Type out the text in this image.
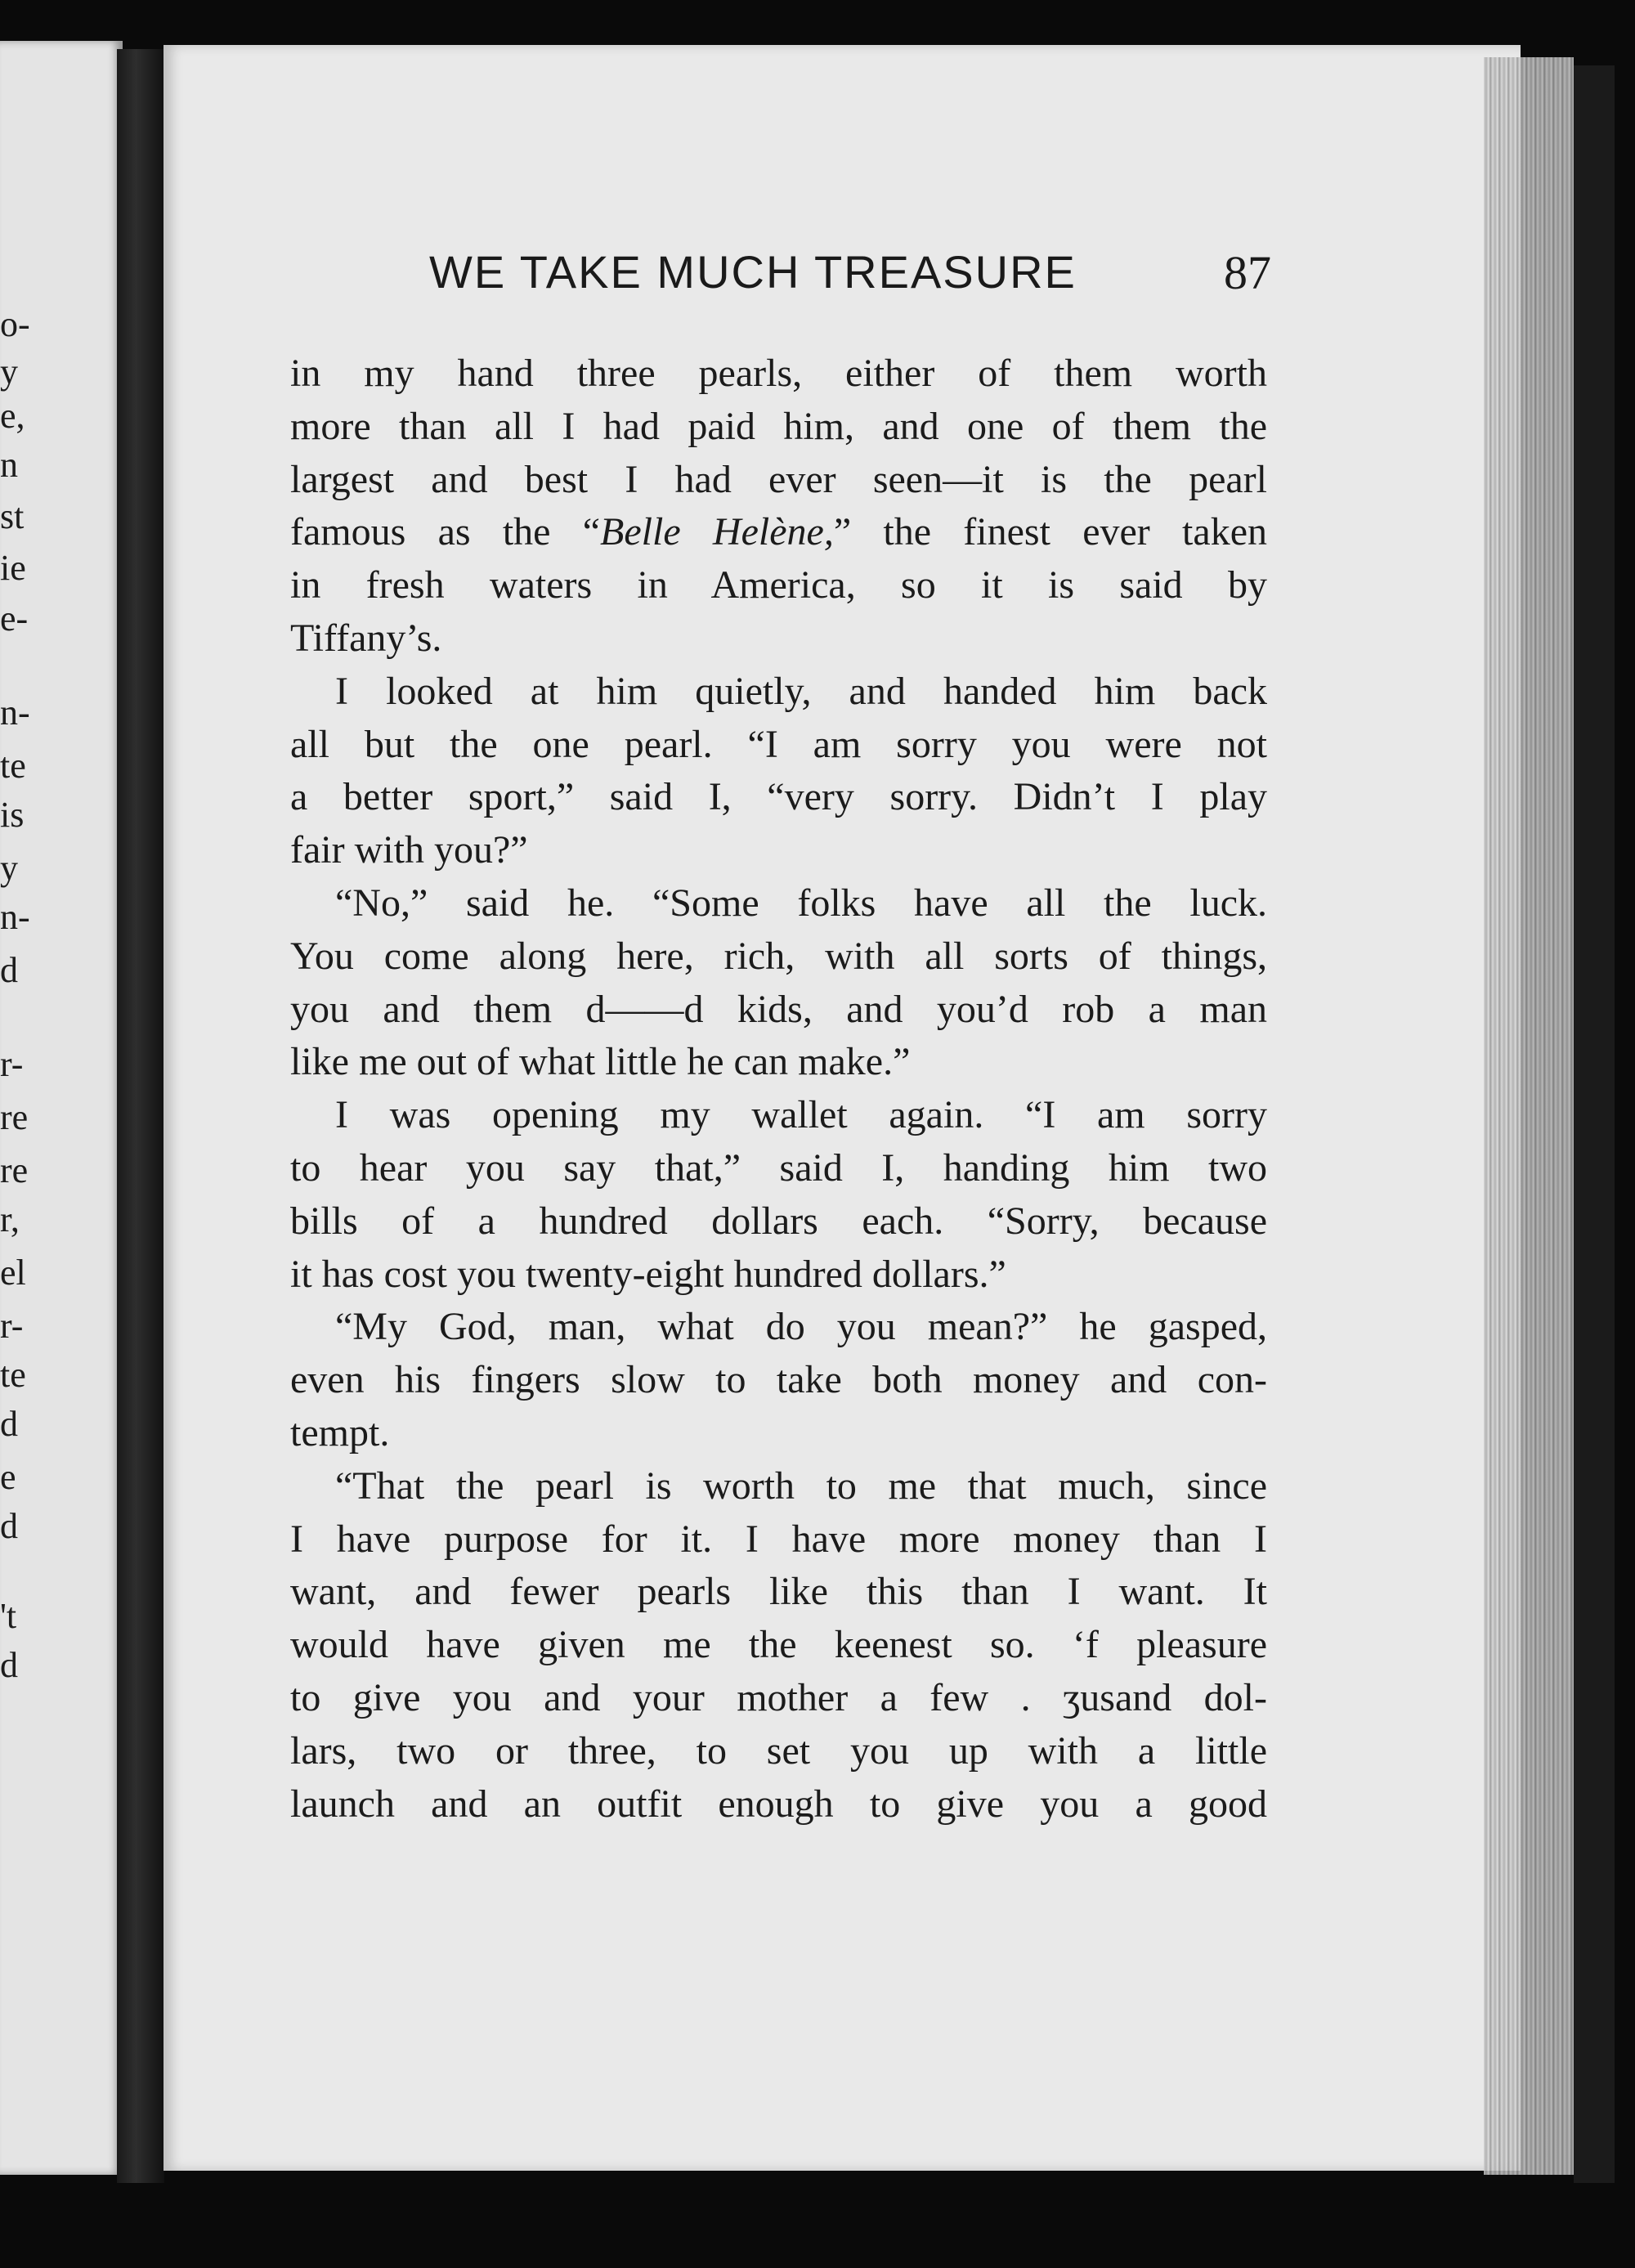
o-
y
e,
n
st
ie
e-
n-
te
is
y
n-
d
r-
re
re
r,
el
r-
te
d
e
d
't
d
WE TAKE MUCH TREASURE	87
in my hand three pearls, either of them worth
more than all I had paid him, and one of them the
largest and best I had ever seen—it is the pearl
famous as the “Belle Helène,” the finest ever taken
in fresh waters in America, so it is said by
Tiffany’s.
I looked at him quietly, and handed him back
all but the one pearl. “I am sorry you were not
a better sport,” said I, “very sorry. Didn’t I play
fair with you?”
“No,” said he. “Some folks have all the luck.
You come along here, rich, with all sorts of things,
you and them d——d kids, and you’d rob a man
like me out of what little he can make.”
I was opening my wallet again. “I am sorry
to hear you say that,” said I, handing him two
bills of a hundred dollars each. “Sorry, because
it has cost you twenty-eight hundred dollars.”
“My God, man, what do you mean?” he gasped,
even his fingers slow to take both money and con-
tempt.
“That the pearl is worth to me that much, since
I have purpose for it. I have more money than I
want, and fewer pearls like this than I want. It
would have given me the keenest so. ʻf pleasure
to give you and your mother a few . ʒusand dol-
lars, two or three, to set you up with a little
launch and an outfit enough to give you a good
